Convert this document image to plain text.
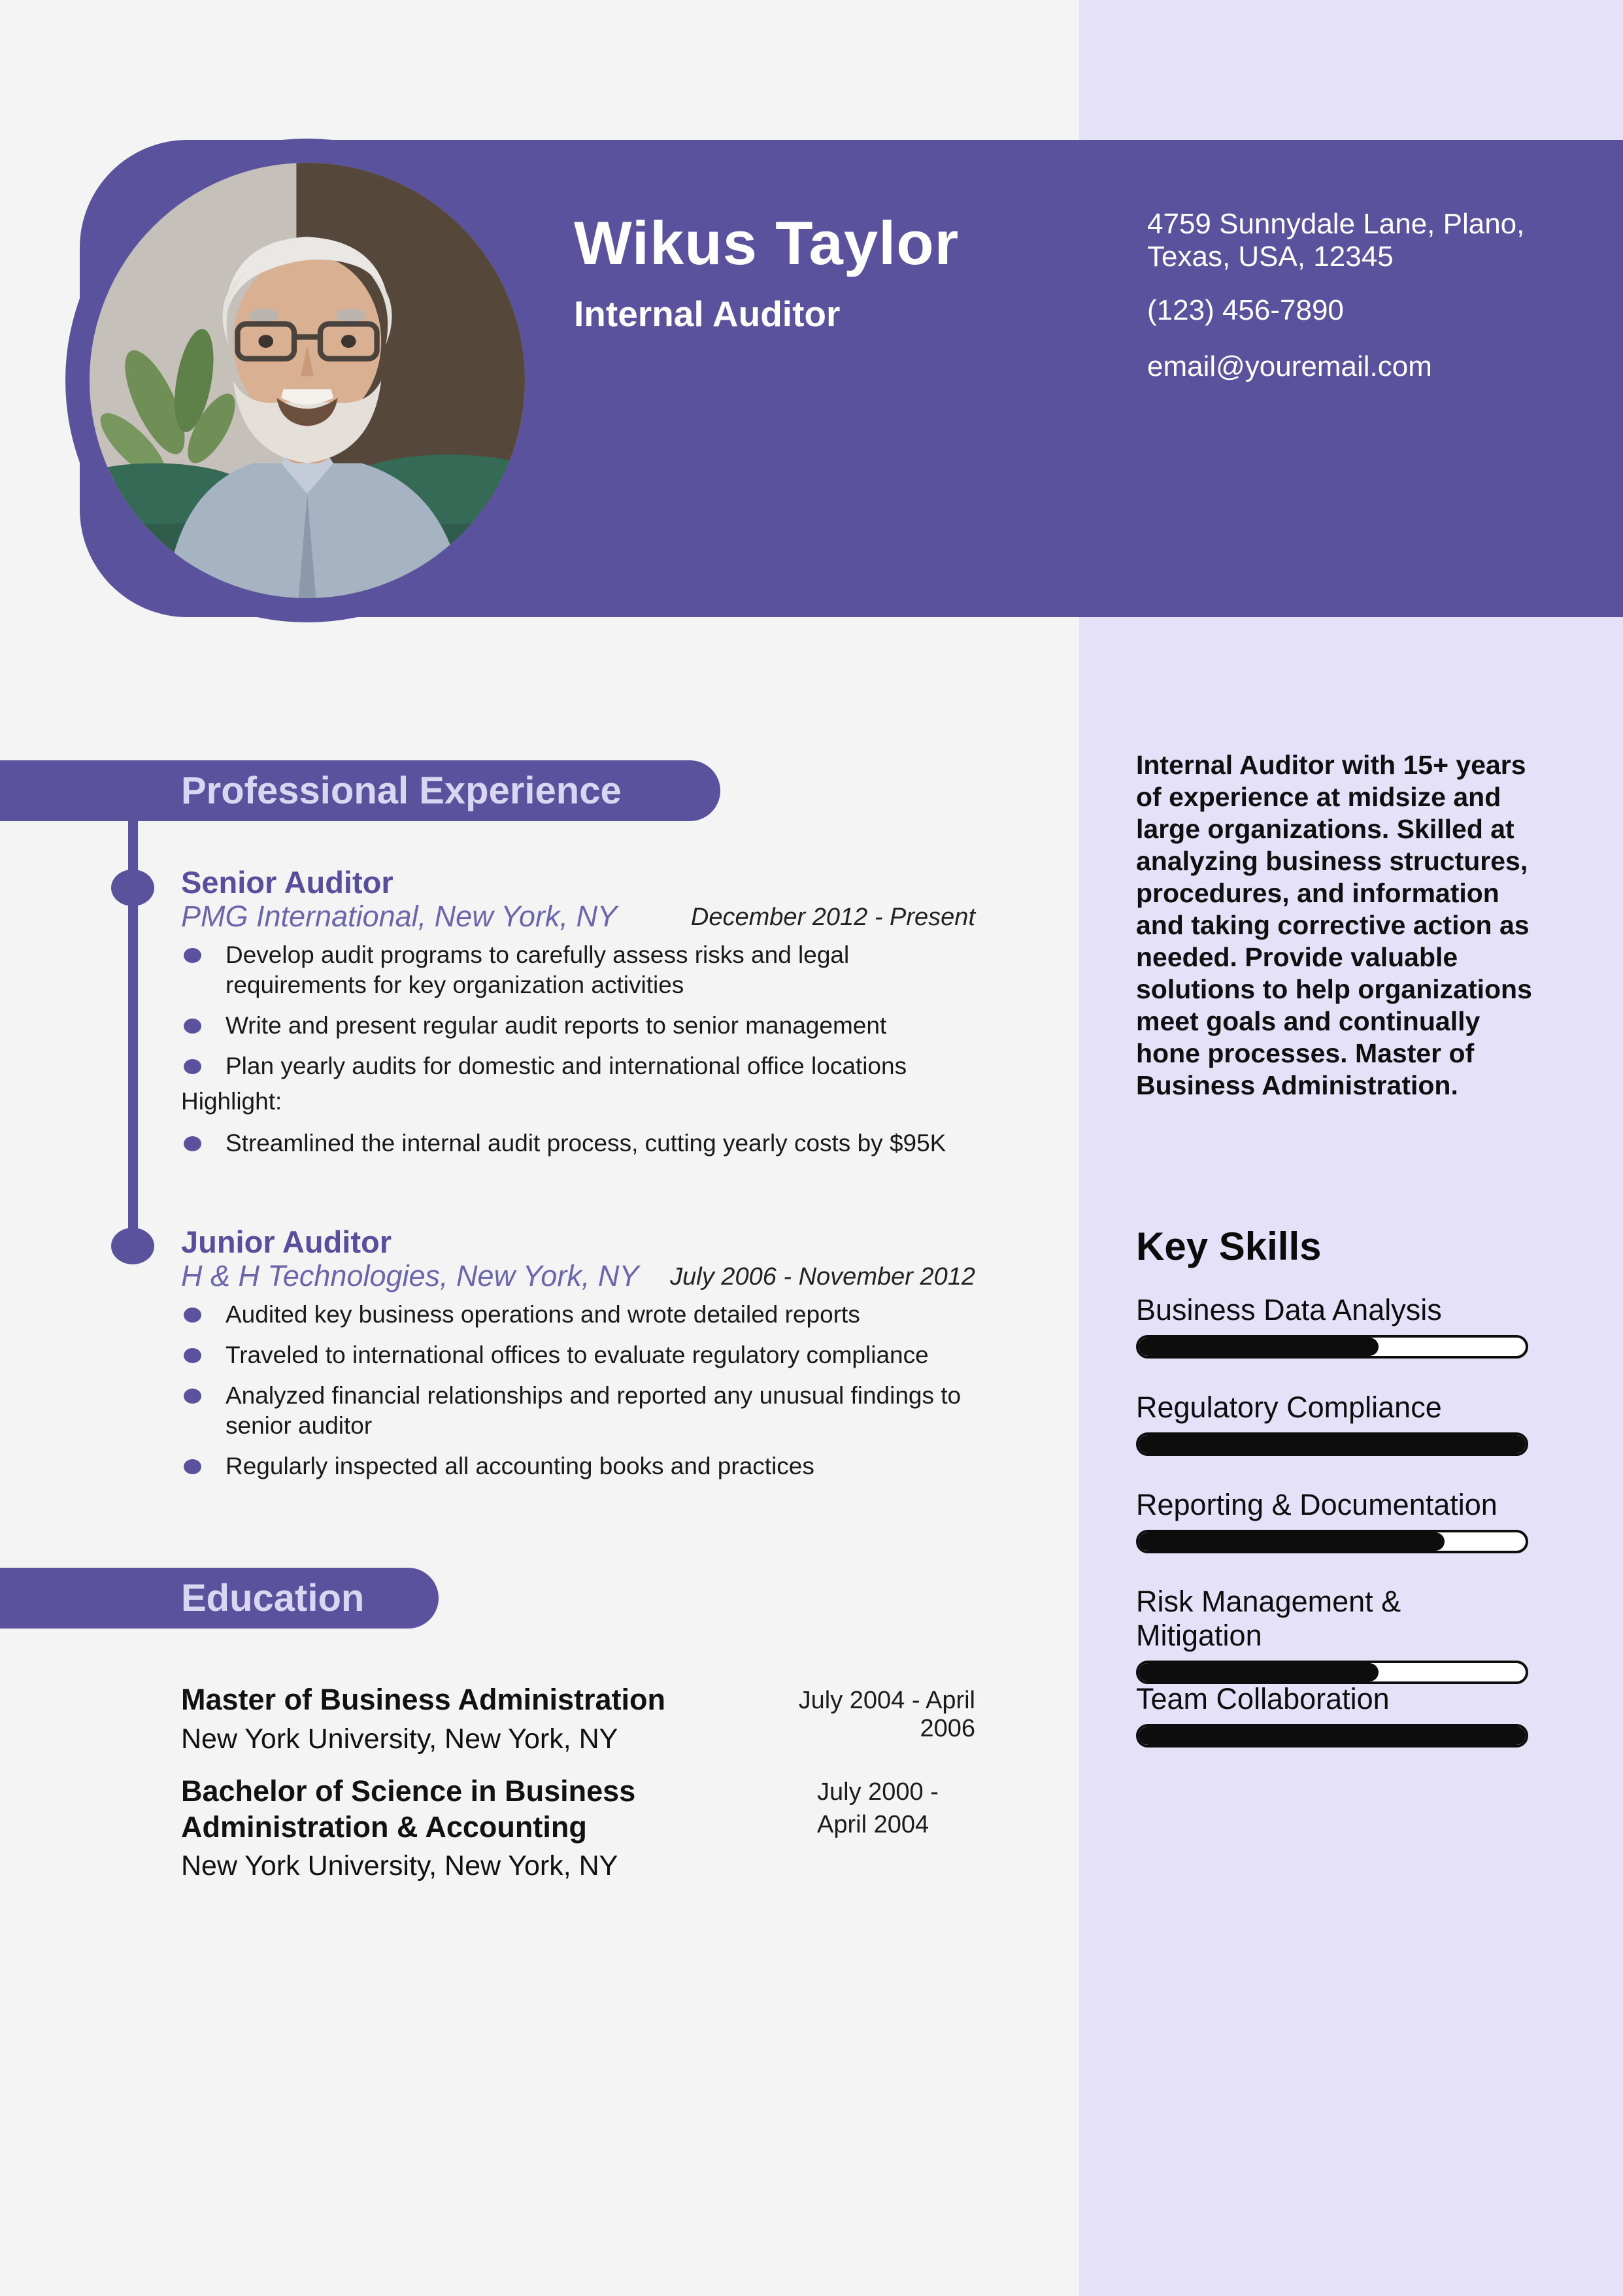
Wikus Taylor
Internal Auditor
4759 Sunnydale Lane, Plano,
Texas, USA, 12345
(123) 456-7890
email@youremail.com
Professional Experience
Senior Auditor
PMG International, New York, NY	December 2012 - Present
Develop audit programs to carefully assess risks and legal requirements for key organization activities
Write and present regular audit reports to senior management
Plan yearly audits for domestic and international office locations
Highlight:
Streamlined the internal audit process, cutting yearly costs by $95K
Junior Auditor
H & H Technologies, New York, NY	July 2006 - November 2012
Audited key business operations and wrote detailed reports
Traveled to international offices to evaluate regulatory compliance
Analyzed financial relationships and reported any unusual findings to senior auditor
Regularly inspected all accounting books and practices
Education
Master of Business Administration	July 2004 - April 2006
New York University, New York, NY
Bachelor of Science in Business Administration & Accounting
July 2000 - April 2004
New York University, New York, NY
Internal Auditor with 15+ years of experience at midsize and large organizations. Skilled at analyzing business structures, procedures, and information and taking corrective action as needed. Provide valuable solutions to help organizations meet goals and continually hone processes. Master of Business Administration.
Key Skills
Business Data Analysis
Regulatory Compliance
Reporting & Documentation
Risk Management & Mitigation
Team Collaboration
